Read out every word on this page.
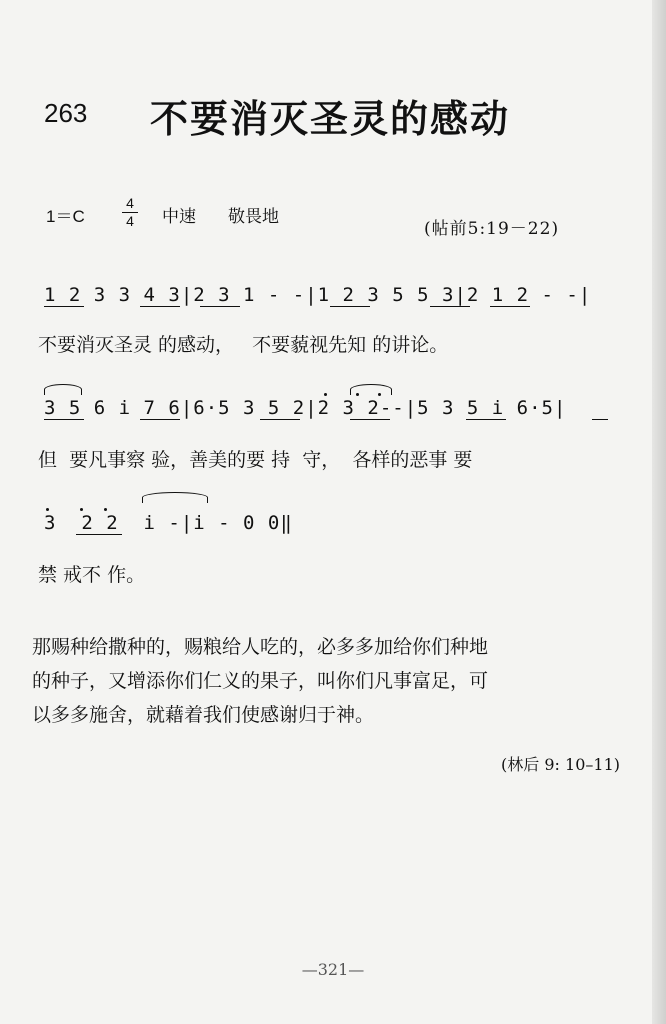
263 不要消灭圣灵的感动
1＝C
4
4 中速 敬畏地
(帖前5:19－22)
1 2 3 3 4 3|2 3 1 - -|1 2 3 5 5 3|2 1 2 - -|
不要消灭圣灵 的感动，   不要藐视先知 的讲论。
3 5 6 i 7 6|6·5 3 5 2|2 3 2--|5 3 5 i 6·5|
但  要凡事察 验，善美的要 持  守，  各样的恶事 要
3  2 2  i -|i - 0 0‖
禁 戒不 作。

那赐种给撒种的，赐粮给人吃的，必多多加给你们种地

的种子，又增添你们仁义的果子，叫你们凡事富足，可

以多多施舍，就藉着我们使感谢归于神。

(林后 9: 10–11)
—321—
